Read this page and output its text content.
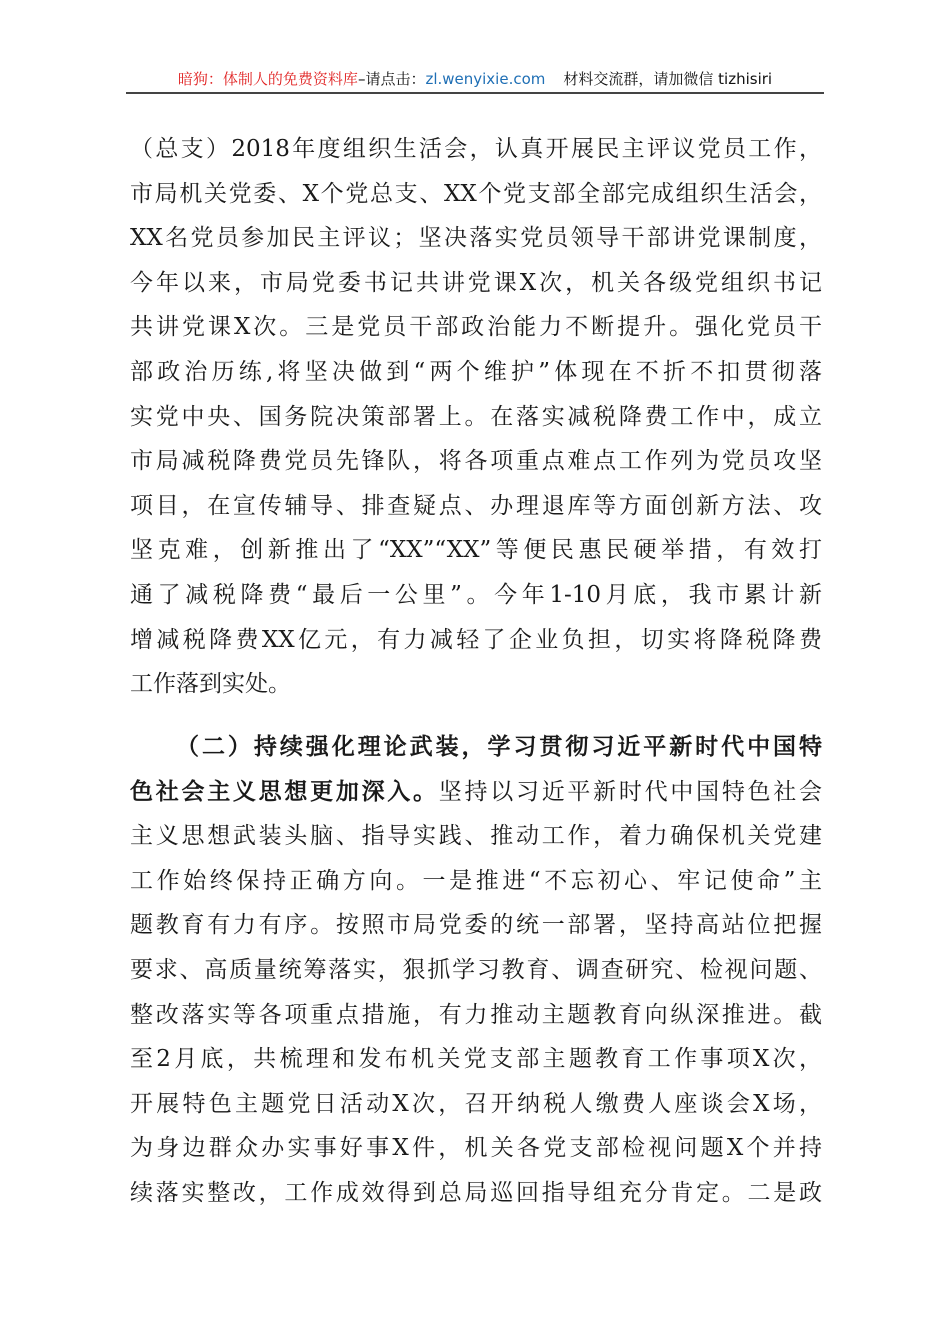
暗狗：体制人的免费资料库–请点击：zl.wenyixie.com 材料交流群，请加微信 tizhisiri
（总支）2018年度组织生活会，认真开展民主评议党员工作，
市局机关党委、X个党总支、XX个党支部全部完成组织生活会，
XX名党员参加民主评议；坚决落实党员领导干部讲党课制度，
今年以来，市局党委书记共讲党课X次，机关各级党组织书记
共讲党课X次。三是党员干部政治能力不断提升。强化党员干
部政治历练,将坚决做到“两个维护”体现在不折不扣贯彻落
实党中央、国务院决策部署上。在落实减税降费工作中，成立
市局减税降费党员先锋队，将各项重点难点工作列为党员攻坚
项目，在宣传辅导、排查疑点、办理退库等方面创新方法、攻
坚克难，创新推出了“XX”“XX”等便民惠民硬举措，有效打
通了减税降费“最后一公里”。今年1-10月底，我市累计新
增减税降费XX亿元，有力减轻了企业负担，切实将降税降费
工作落到实处。
（二）持续强化理论武装，学习贯彻习近平新时代中国特
色社会主义思想更加深入。坚持以习近平新时代中国特色社会
主义思想武装头脑、指导实践、推动工作，着力确保机关党建
工作始终保持正确方向。一是推进“不忘初心、牢记使命”主
题教育有力有序。按照市局党委的统一部署，坚持高站位把握
要求、高质量统筹落实，狠抓学习教育、调查研究、检视问题、
整改落实等各项重点措施，有力推动主题教育向纵深推进。截
至2月底，共梳理和发布机关党支部主题教育工作事项X次，
开展特色主题党日活动X次，召开纳税人缴费人座谈会X场，
为身边群众办实事好事X件，机关各党支部检视问题X个并持
续落实整改，工作成效得到总局巡回指导组充分肯定。二是政
